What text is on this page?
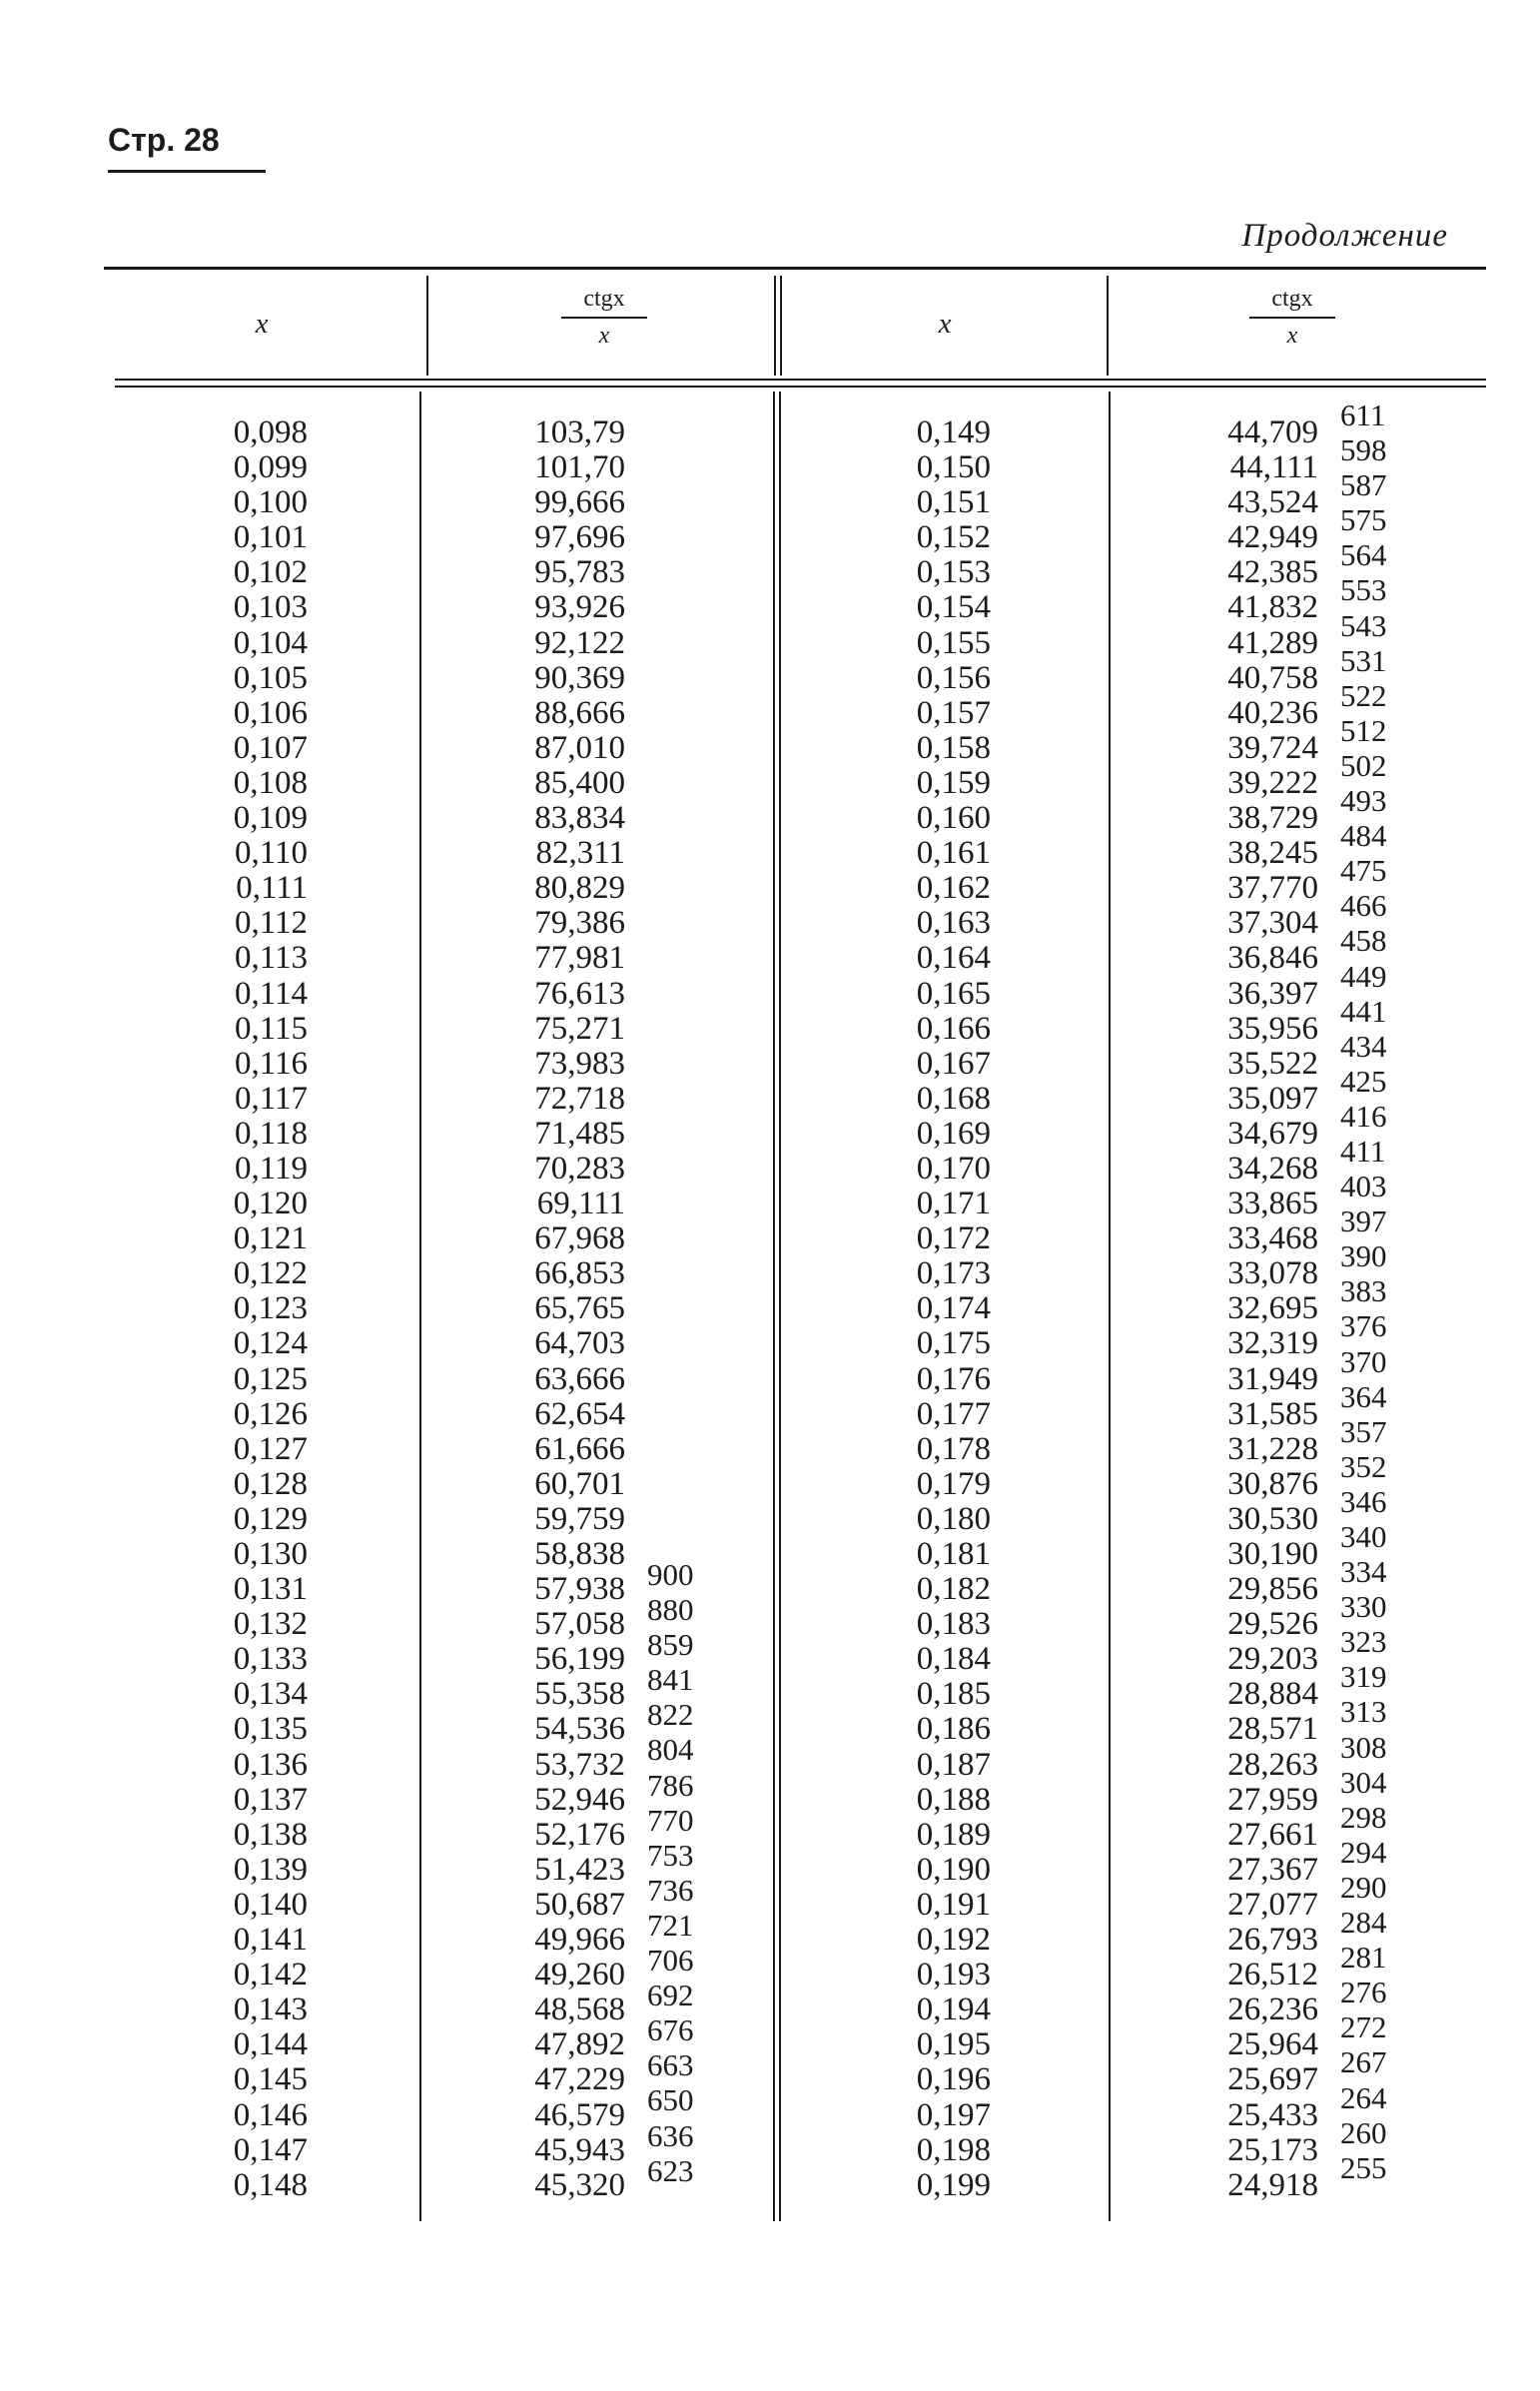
Стр. 28
Продолжение
x
ctgx
x	x
ctgx
x
0,098
0,099
0,100
0,101
0,102
0,103
0,104
0,105
0,106
0,107
0,108
0,109
0,110
0,111
0,112
0,113
0,114
0,115
0,116
0,117
0,118
0,119
0,120
0,121
0,122
0,123
0,124
0,125
0,126
0,127
0,128
0,129
0,130
0,131
0,132
0,133
0,134
0,135
0,136
0,137
0,138
0,139
0,140
0,141
0,142
0,143
0,144
0,145
0,146
0,147
0,148
103,79
101,70
99,666
97,696
95,783
93,926
92,122
90,369
88,666
87,010
85,400
83,834
82,311
80,829
79,386
77,981
76,613
75,271
73,983
72,718
71,485
70,283
69,111
67,968
66,853
65,765
64,703
63,666
62,654
61,666
60,701
59,759
58,838
57,938
57,058
56,199
55,358
54,536
53,732
52,946
52,176
51,423
50,687
49,966
49,260
48,568
47,892
47,229
46,579
45,943
45,320
900
880
859
841
822
804
786
770
753
736
721
706
692
676
663
650
636
623
0,149
0,150
0,151
0,152
0,153
0,154
0,155
0,156
0,157
0,158
0,159
0,160
0,161
0,162
0,163
0,164
0,165
0,166
0,167
0,168
0,169
0,170
0,171
0,172
0,173
0,174
0,175
0,176
0,177
0,178
0,179
0,180
0,181
0,182
0,183
0,184
0,185
0,186
0,187
0,188
0,189
0,190
0,191
0,192
0,193
0,194
0,195
0,196
0,197
0,198
0,199
44,709
44,111
43,524
42,949
42,385
41,832
41,289
40,758
40,236
39,724
39,222
38,729
38,245
37,770
37,304
36,846
36,397
35,956
35,522
35,097
34,679
34,268
33,865
33,468
33,078
32,695
32,319
31,949
31,585
31,228
30,876
30,530
30,190
29,856
29,526
29,203
28,884
28,571
28,263
27,959
27,661
27,367
27,077
26,793
26,512
26,236
25,964
25,697
25,433
25,173
24,918
611
598
587
575
564
553
543
531
522
512
502
493
484
475
466
458
449
441
434
425
416
411
403
397
390
383
376
370
364
357
352
346
340
334
330
323
319
313
308
304
298
294
290
284
281
276
272
267
264
260
255
